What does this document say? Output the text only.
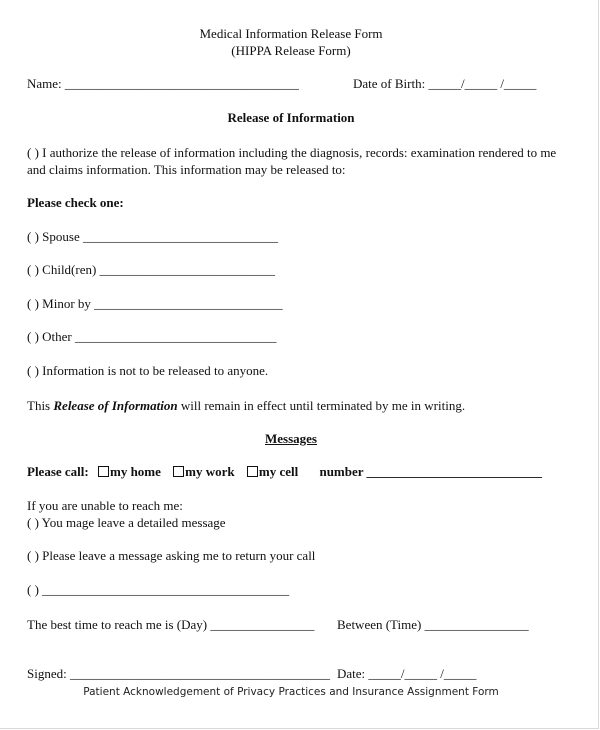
Medical Information Release Form
(HIPPA Release Form)
Name: ____________________________________	Date of Birth: _____/_____ /_____
Release of Information
( ) I authorize the release of information including the diagnosis, records: examination rendered to me
and claims information. This information may be released to:
Please check one:
( ) Spouse ______________________________
( ) Child(ren) ___________________________
( ) Minor by _____________________________
( ) Other _______________________________
( ) Information is not to be released to anyone.
This Release of Information will remain in effect until terminated by me in writing.
Messages
Please call: my home my work my cell number ___________________________
If you are unable to reach me:
( ) You mage leave a detailed message
( ) Please leave a message asking me to return your call
( ) ______________________________________
The best time to reach me is (Day) ________________ Between (Time) ________________
Signed: ________________________________________ Date: _____/_____ /_____
Patient Acknowledgement of Privacy Practices and Insurance Assignment Form
